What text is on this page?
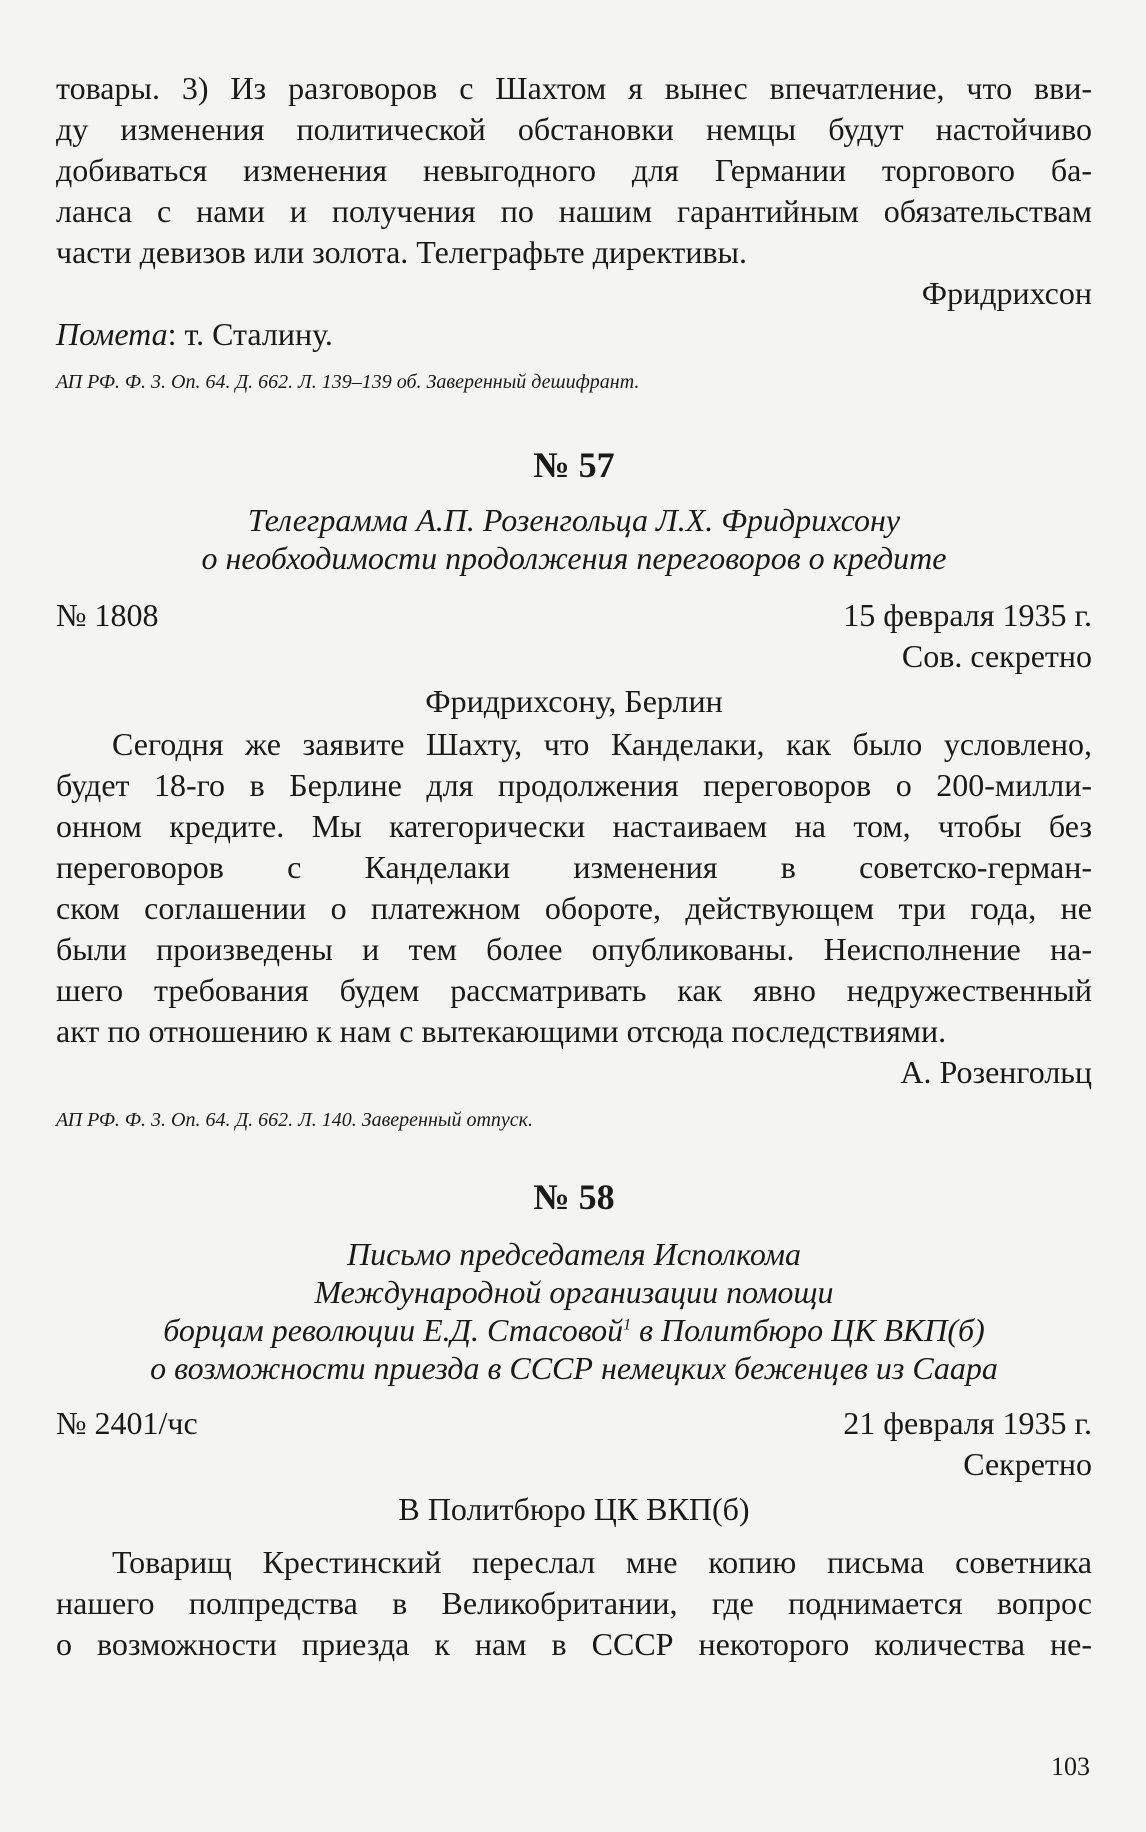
товары. 3) Из разговоров с Шахтом я вынес впечатление, что вви-
ду изменения политической обстановки немцы будут настойчиво
добиваться изменения невыгодного для Германии торгового ба-
ланса с нами и получения по нашим гарантийным обязательствам
части девизов или золота. Телеграфьте директивы.
Фридрихсон
Помета: т. Сталину.
АП РФ. Ф. 3. Оп. 64. Д. 662. Л. 139–139 об. Заверенный дешифрант.
№ 57
Телеграмма А.П. Розенгольца Л.Х. Фридрихсону
о необходимости продолжения переговоров о кредите
№ 1808	15 февраля 1935 г.
Сов. секретно
Фридрихсону, Берлин
Сегодня же заявите Шахту, что Канделаки, как было условлено,
будет 18-го в Берлине для продолжения переговоров о 200-милли-
онном кредите. Мы категорически настаиваем на том, чтобы без
переговоров с Канделаки изменения в советско-герман-
ском соглашении о платежном обороте, действующем три года, не
были произведены и тем более опубликованы. Неисполнение на-
шего требования будем рассматривать как явно недружественный
акт по отношению к нам с вытекающими отсюда последствиями.
А. Розенгольц
АП РФ. Ф. 3. Оп. 64. Д. 662. Л. 140. Заверенный отпуск.
№ 58
Письмо председателя Исполкома
Международной организации помощи
борцам революции Е.Д. Стасовой$^1$ в Политбюро ЦК ВКП(б)
о возможности приезда в СССР немецких беженцев из Саара
№ 2401/чс	21 февраля 1935 г.
Секретно
В Политбюро ЦК ВКП(б)
Товарищ Крестинский переслал мне копию письма советника
нашего полпредства в Великобритании, где поднимается вопрос
о возможности приезда к нам в СССР некоторого количества не-
103
